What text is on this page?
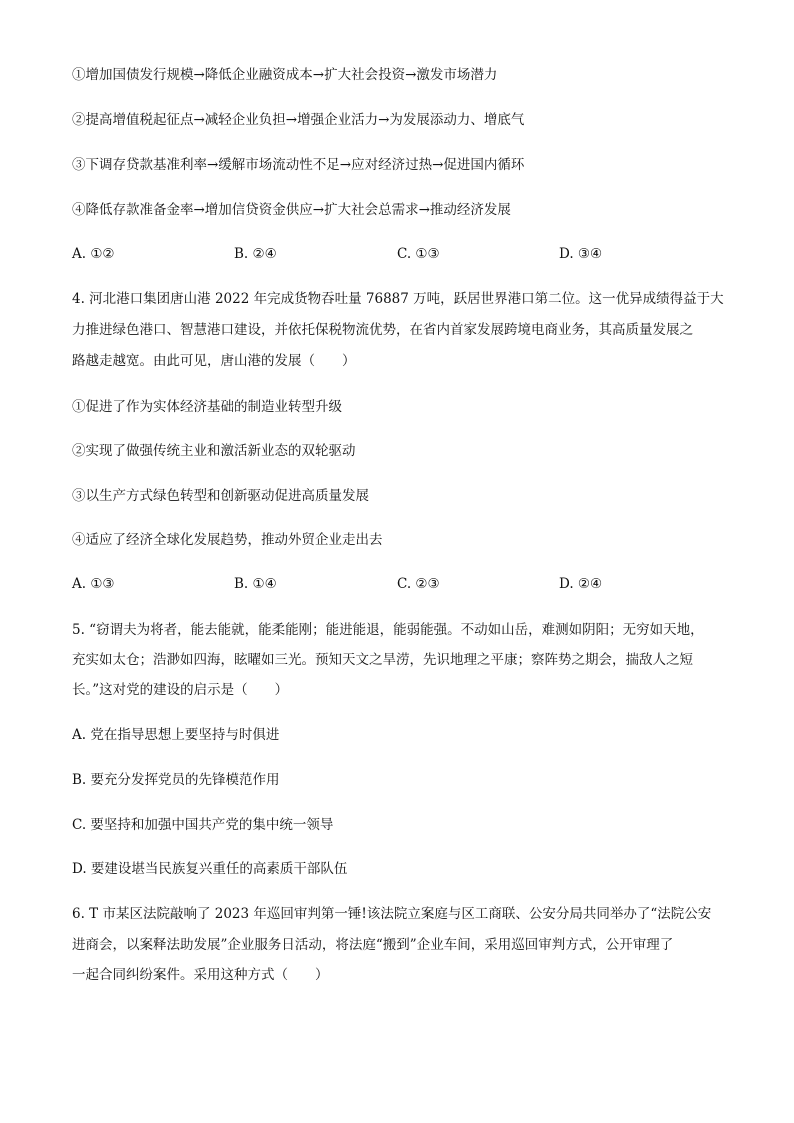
①增加国债发行规模→降低企业融资成本→扩大社会投资→激发市场潜力
②提高增值税起征点→减轻企业负担→增强企业活力→为发展添动力、增底气
③下调存贷款基准利率→缓解市场流动性不足→应对经济过热→促进国内循环
④降低存款准备金率→增加信贷资金供应→扩大社会总需求→推动经济发展
A. ①②	B. ②④	C. ①③	D. ③④
4. 河北港口集团唐山港 2022 年完成货物吞吐量 76887 万吨，跃居世界港口第二位。这一优异成绩得益于大
力推进绿色港口、智慧港口建设，并依托保税物流优势，在省内首家发展跨境电商业务，其高质量发展之
路越走越宽。由此可见，唐山港的发展（　　）
①促进了作为实体经济基础的制造业转型升级
②实现了做强传统主业和激活新业态的双轮驱动
③以生产方式绿色转型和创新驱动促进高质量发展
④适应了经济全球化发展趋势，推动外贸企业走出去
A. ①③	B. ①④	C. ②③	D. ②④
5. “窃谓夫为将者，能去能就，能柔能刚；能进能退，能弱能强。不动如山岳，难测如阴阳；无穷如天地，
充实如太仓；浩渺如四海，眩曜如三光。预知天文之旱涝，先识地理之平康；察阵势之期会，揣敌人之短
长。”这对党的建设的启示是（　　）
A. 党在指导思想上要坚持与时俱进
B. 要充分发挥党员的先锋模范作用
C. 要坚持和加强中国共产党的集中统一领导
D. 要建设堪当民族复兴重任的高素质干部队伍
6. T 市某区法院敲响了 2023 年巡回审判第一锤!该法院立案庭与区工商联、公安分局共同举办了“法院公安
进商会，以案释法助发展”企业服务日活动，将法庭“搬到”企业车间，采用巡回审判方式，公开审理了
一起合同纠纷案件。采用这种方式（　　）
